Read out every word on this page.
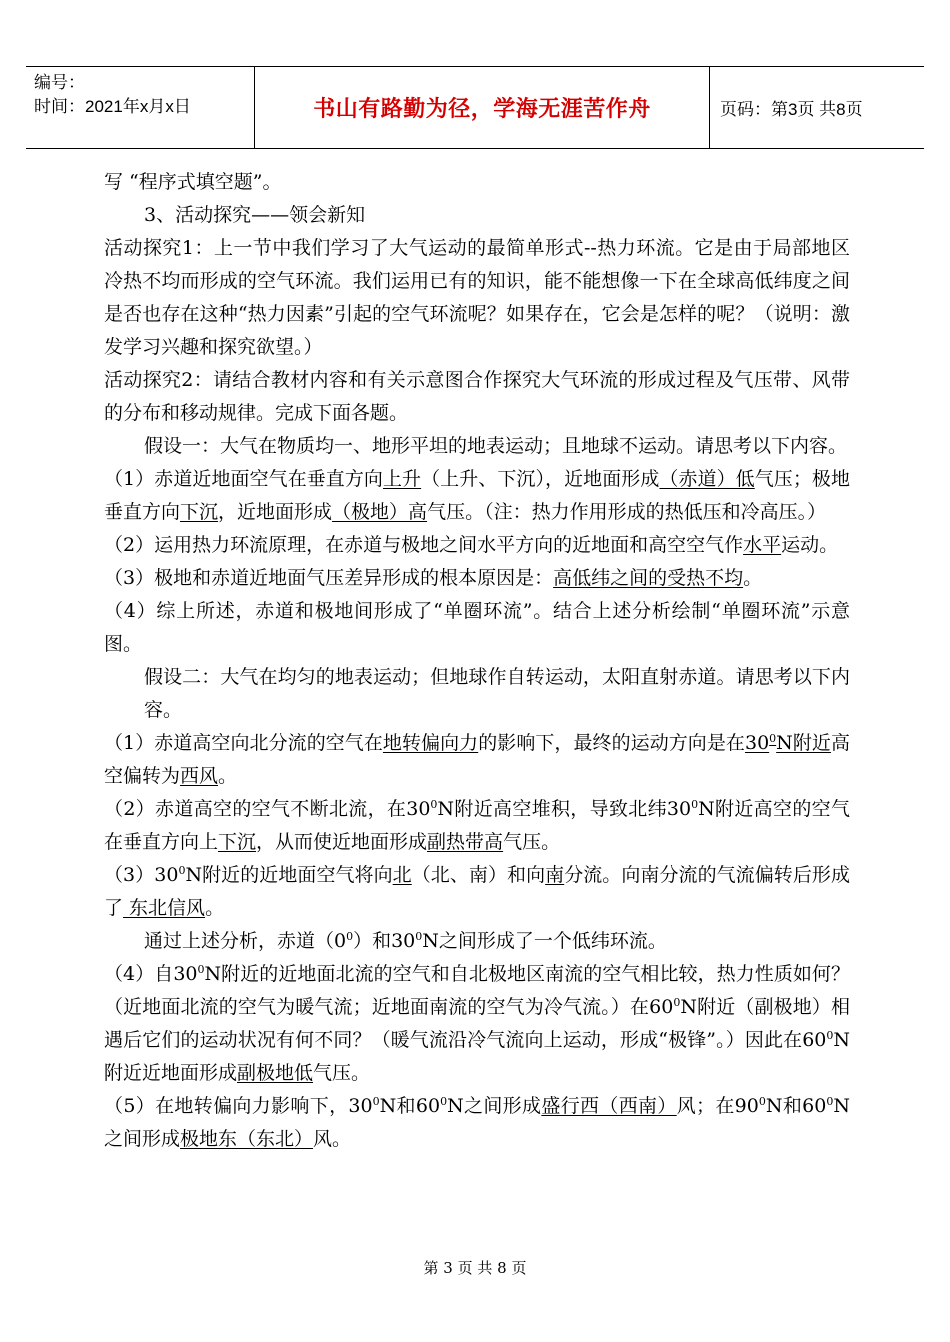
编号：
时间：2021年x月x日	书山有路勤为径，学海无涯苦作舟	页码：第3页 共8页

写 “程序式填空题”。

3、活动探究——领会新知

活动探究1：上一节中我们学习了大气运动的最简单形式--热力环流。它是由于局部地区冷热不均而形成的空气环流。我们运用已有的知识，能不能想像一下在全球高低纬度之间是否也存在这种“热力因素”引起的空气环流呢？如果存在，它会是怎样的呢？（说明：激发学习兴趣和探究欲望。）

活动探究2：请结合教材内容和有关示意图合作探究大气环流的形成过程及气压带、风带的分布和移动规律。完成下面各题。

假设一：大气在物质均一、地形平坦的地表运动；且地球不运动。请思考以下内容。

（1）赤道近地面空气在垂直方向上升（上升、下沉），近地面形成（赤道）低气压；极地垂直方向下沉，近地面形成（极地）高气压。（注：热力作用形成的热低压和冷高压。）

（2）运用热力环流原理，在赤道与极地之间水平方向的近地面和高空空气作水平运动。

（3）极地和赤道近地面气压差异形成的根本原因是：高低纬之间的受热不均。

（4）综上所述，赤道和极地间形成了“单圈环流”。结合上述分析绘制“单圈环流”示意图。

假设二：大气在均匀的地表运动；但地球作自转运动，太阳直射赤道。请思考以下内容。

（1）赤道高空向北分流的空气在地转偏向力的影响下，最终的运动方向是在$30^0N$附近高空偏转为西风。

（2）赤道高空的空气不断北流，在$30^0N$附近高空堆积，导致北纬$30^0N$附近高空的空气在垂直方向上下沉，从而使近地面形成副热带高气压。

$(3)30^0N$附近的近地面空气将向北（北、南）和向南分流。向南分流的气流偏转后形成了 东北信风。

通过上述分析，赤道$(0^0)$和$30^0N$之间形成了一个低纬环流。

（4）自$30^0N$附近的近地面北流的空气和自北极地区南流的空气相比较，热力性质如何？（近地面北流的空气为暖气流；近地面南流的空气为冷气流。）在$60^0N$附近（副极地）相遇后它们的运动状况有何不同？（暖气流沿冷气流向上运动，形成“极锋”。）因此在$60^0N$附近近地面形成副极地低气压。

（5）在地转偏向力影响下，$30^0N$和$60^0N$之间形成盛行西（西南）风；在$90^0N$和$60^0N$之间形成极地东（东北）风。

第 3 页 共 8 页
